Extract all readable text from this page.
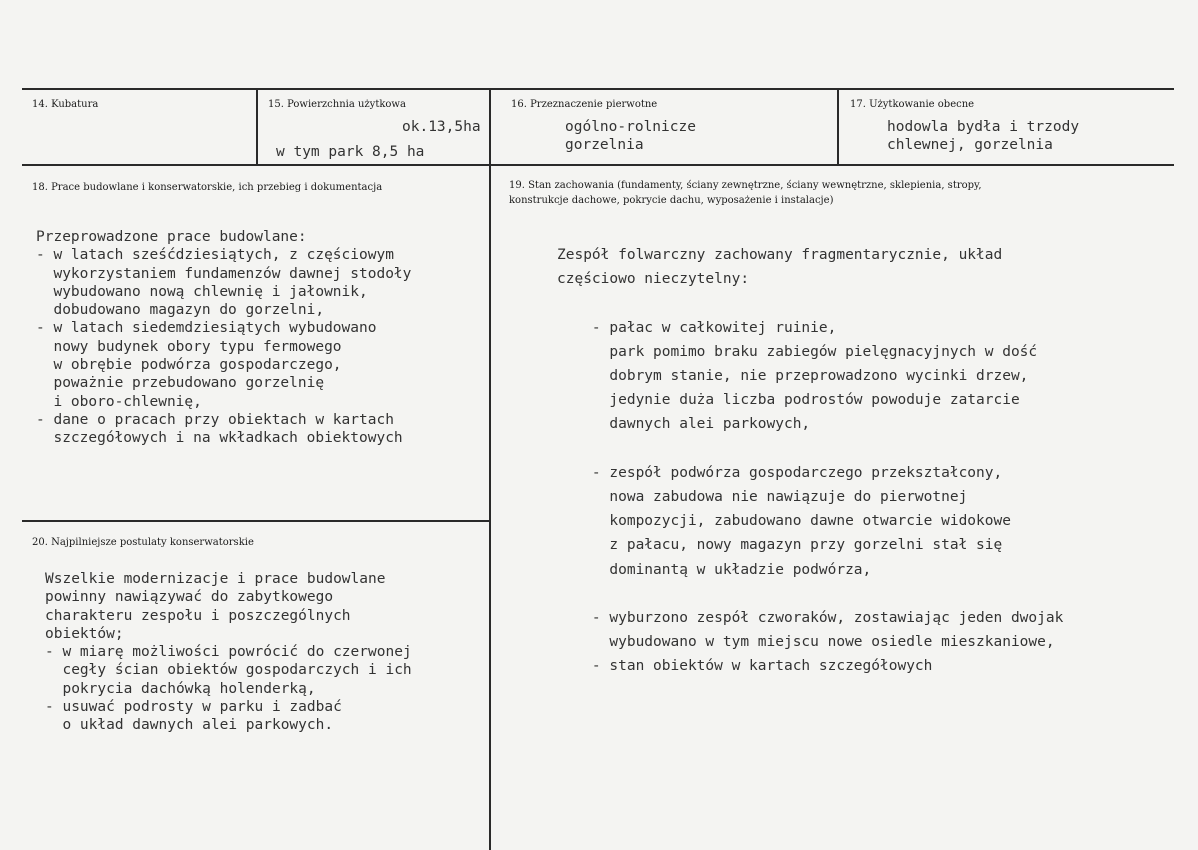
14. Kubatura	15. Powierzchnia użytkowa
ok.13,5ha
w tym park 8,5 ha
16. Przeznaczenie pierwotne
ogólno-rolnicze
gorzelnia
17. Użytkowanie obecne
hodowla bydła i trzody
chlewnej, gorzelnia
18. Prace budowlane i konserwatorskie, ich przebieg i dokumentacja
Przeprowadzone prace budowlane:
- w latach sześćdziesiątych, z częściowym
wykorzystaniem fundamenzów dawnej stodoły
wybudowano nową chlewnię i jałownik,
dobudowano magazyn do gorzelni,
- w latach siedemdziesiątych wybudowano
nowy budynek obory typu fermowego
w obrębie podwórza gospodarczego,
poważnie przebudowano gorzelnię
i oboro-chlewnię,
- dane o pracach przy obiektach w kartach
szczegółowych i na wkładkach obiektowych
19. Stan zachowania (fundamenty, ściany zewnętrzne, ściany wewnętrzne, sklepienia, stropy,
konstrukcje dachowe, pokrycie dachu, wyposażenie i instalacje)
Zespół folwarczny zachowany fragmentarycznie, układ
częściowo nieczytelny:

- pałac w całkowitej ruinie,
park pomimo braku zabiegów pielęgnacyjnych w dość
dobrym stanie, nie przeprowadzono wycinki drzew,
jedynie duża liczba podrostów powoduje zatarcie
dawnych alei parkowych,

- zespół podwórza gospodarczego przekształcony,
nowa zabudowa nie nawiązuje do pierwotnej
kompozycji, zabudowano dawne otwarcie widokowe
z pałacu, nowy magazyn przy gorzelni stał się
dominantą w układzie podwórza,

- wyburzono zespół czworaków, zostawiając jeden dwojak
wybudowano w tym miejscu nowe osiedle mieszkaniowe,
- stan obiektów w kartach szczegółowych
20. Najpilniejsze postulaty konserwatorskie
Wszelkie modernizacje i prace budowlane
powinny nawiązywać do zabytkowego
charakteru zespołu i poszczególnych
obiektów;
- w miarę możliwości powrócić do czerwonej
cegły ścian obiektów gospodarczych i ich
pokrycia dachówką holenderką,
- usuwać podrosty w parku i zadbać
o układ dawnych alei parkowych.
